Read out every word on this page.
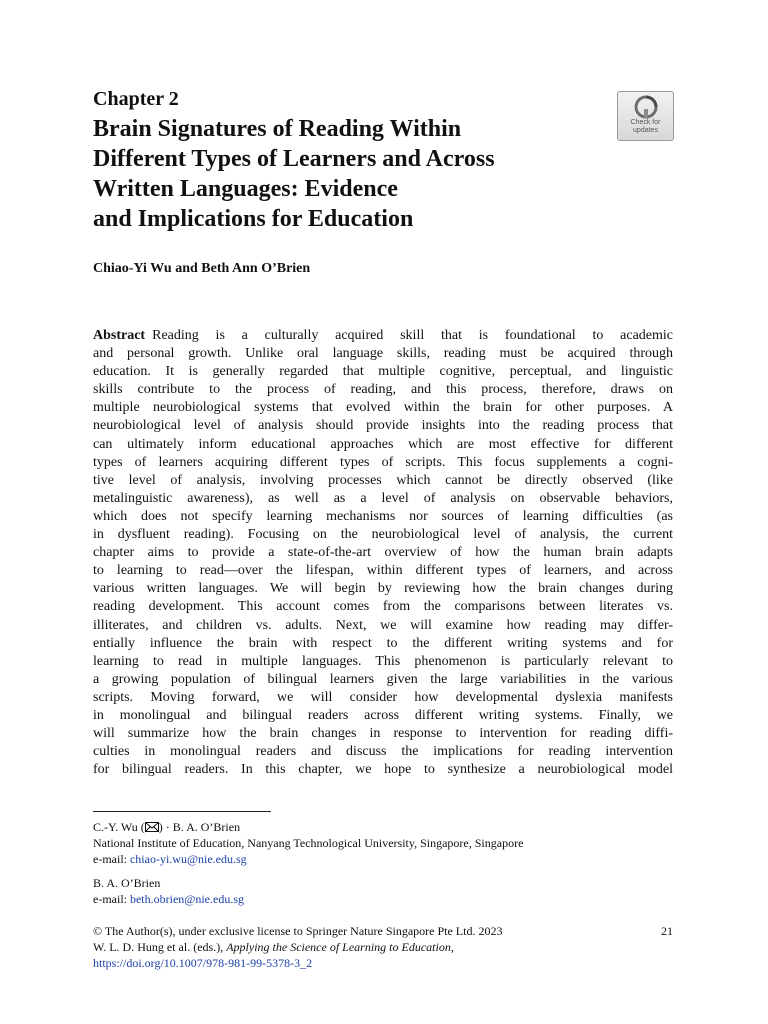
Chapter 2
Brain Signatures of Reading Within
Different Types of Learners and Across
Written Languages: Evidence
and Implications for Education
Check for
updates

Chiao-Yi Wu and Beth Ann O’Brien

Abstract Reading is a culturally acquired skill that is foundational to academic
and personal growth. Unlike oral language skills, reading must be acquired through
education. It is generally regarded that multiple cognitive, perceptual, and linguistic
skills contribute to the process of reading, and this process, therefore, draws on
multiple neurobiological systems that evolved within the brain for other purposes. A
neurobiological level of analysis should provide insights into the reading process that
can ultimately inform educational approaches which are most effective for different
types of learners acquiring different types of scripts. This focus supplements a cogni-
tive level of analysis, involving processes which cannot be directly observed (like
metalinguistic awareness), as well as a level of analysis on observable behaviors,
which does not specify learning mechanisms nor sources of learning difficulties (as
in dysfluent reading). Focusing on the neurobiological level of analysis, the current
chapter aims to provide a state-of-the-art overview of how the human brain adapts
to learning to read—over the lifespan, within different types of learners, and across
various written languages. We will begin by reviewing how the brain changes during
reading development. This account comes from the comparisons between literates vs.
illiterates, and children vs. adults. Next, we will examine how reading may differ-
entially influence the brain with respect to the different writing systems and for
learning to read in multiple languages. This phenomenon is particularly relevant to
a growing population of bilingual learners given the large variabilities in the various
scripts. Moving forward, we will consider how developmental dyslexia manifests
in monolingual and bilingual readers across different writing systems. Finally, we
will summarize how the brain changes in response to intervention for reading diffi-
culties in monolingual readers and discuss the implications for reading intervention
for bilingual readers. In this chapter, we hope to synthesize a neurobiological model

C.-Y. Wu ( ) · B. A. O’Brien

National Institute of Education, Nanyang Technological University, Singapore, Singapore

e-mail: chiao-yi.wu@nie.edu.sg

B. A. O’Brien

e-mail: beth.obrien@nie.edu.sg

© The Author(s), under exclusive license to Springer Nature Singapore Pte Ltd. 2023

W. L. D. Hung et al. (eds.), Applying the Science of Learning to Education,

https://doi.org/10.1007/978-981-99-5378-3_2

21
